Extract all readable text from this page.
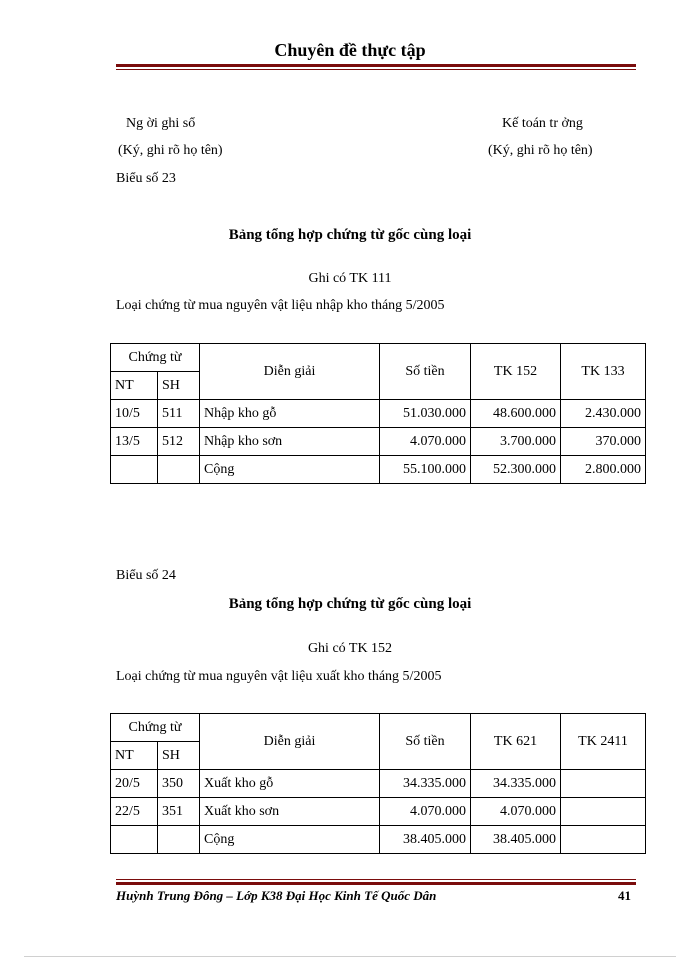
Chuyên đề thực tập
Ng ời ghi sổ
(Ký, ghi rõ họ tên)
Kế toán tr ởng
(Ký, ghi rõ họ tên)
Biểu số 23
Bảng tổng hợp chứng từ gốc cùng loại
Ghi có TK 111
Loại chứng từ mua nguyên vật liệu nhập kho tháng 5/2005
Chứng từ		Diễn giải	Số tiền	TK 152	TK 133
NT	SH				
10/5	511	Nhập kho gỗ	51.030.000	48.600.000	2.430.000
13/5	512	Nhập kho sơn	4.070.000	3.700.000	370.000
		Cộng	55.100.000	52.300.000	2.800.000
Biểu số 24
Bảng tổng hợp chứng từ gốc cùng loại
Ghi có TK 152
Loại chứng từ mua nguyên vật liệu xuất kho tháng 5/2005
Chứng từ		Diễn giải	Số tiền	TK 621	TK 2411
NT	SH				
20/5	350	Xuất kho gỗ	34.335.000	34.335.000	
22/5	351	Xuất kho sơn	4.070.000	4.070.000	
		Cộng	38.405.000	38.405.000	
Huỳnh Trung Đông – Lớp K38 Đại Học Kinh Tế Quốc Dân	41
